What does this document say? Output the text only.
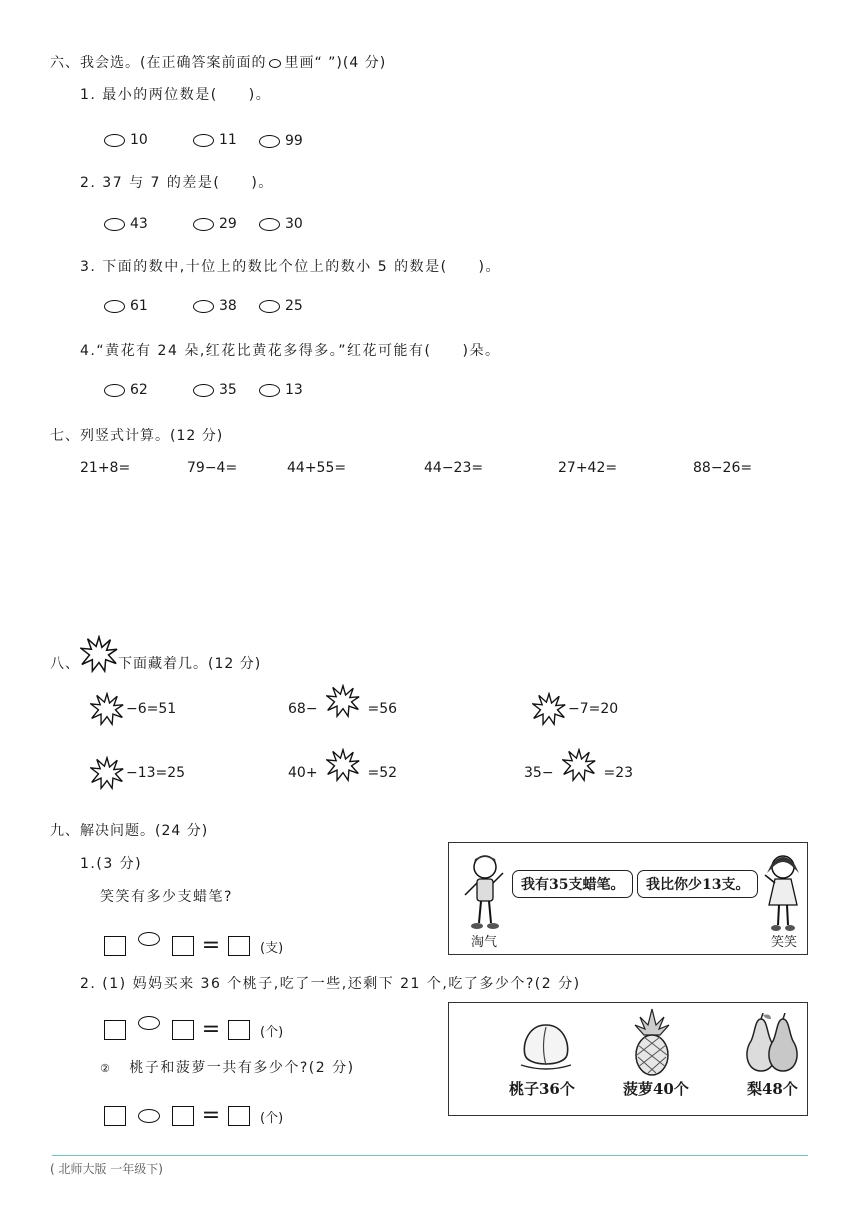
六、我会选。(在正确答案前面的 里画“ ”)(4 分)
1. 最小的两位数是(　　)。
10	11	99
2. 37 与 7 的差是(　　)。
43	29	30
3. 下面的数中,十位上的数比个位上的数小 5 的数是(　　)。
61	38	25
4.“黄花有 24 朵,红花比黄花多得多。”红花可能有(　　)朵。
62	35	13
七、列竖式计算。(12 分)
21+8=	79−4=	44+55=	44−23=	27+42=	88−26=
八、	下面藏着几。(12 分)
−6=51	68−	=56	−7=20
−13=25	40+	=52	35−	=23
九、解决问题。(24 分)
1.(3 分)
笑笑有多少支蜡笔?
=	(支)
我有35支蜡笔。	我比你少13支。
淘气	笑笑
2. (1) 妈妈买来 36 个桃子,吃了一些,还剩下 21 个,吃了多少个?(2 分)
=	(个)
② 桃子和菠萝一共有多少个?(2 分)
=	(个)
桃子36个	菠萝40个	梨48个
( 北师大版 一年级下)
